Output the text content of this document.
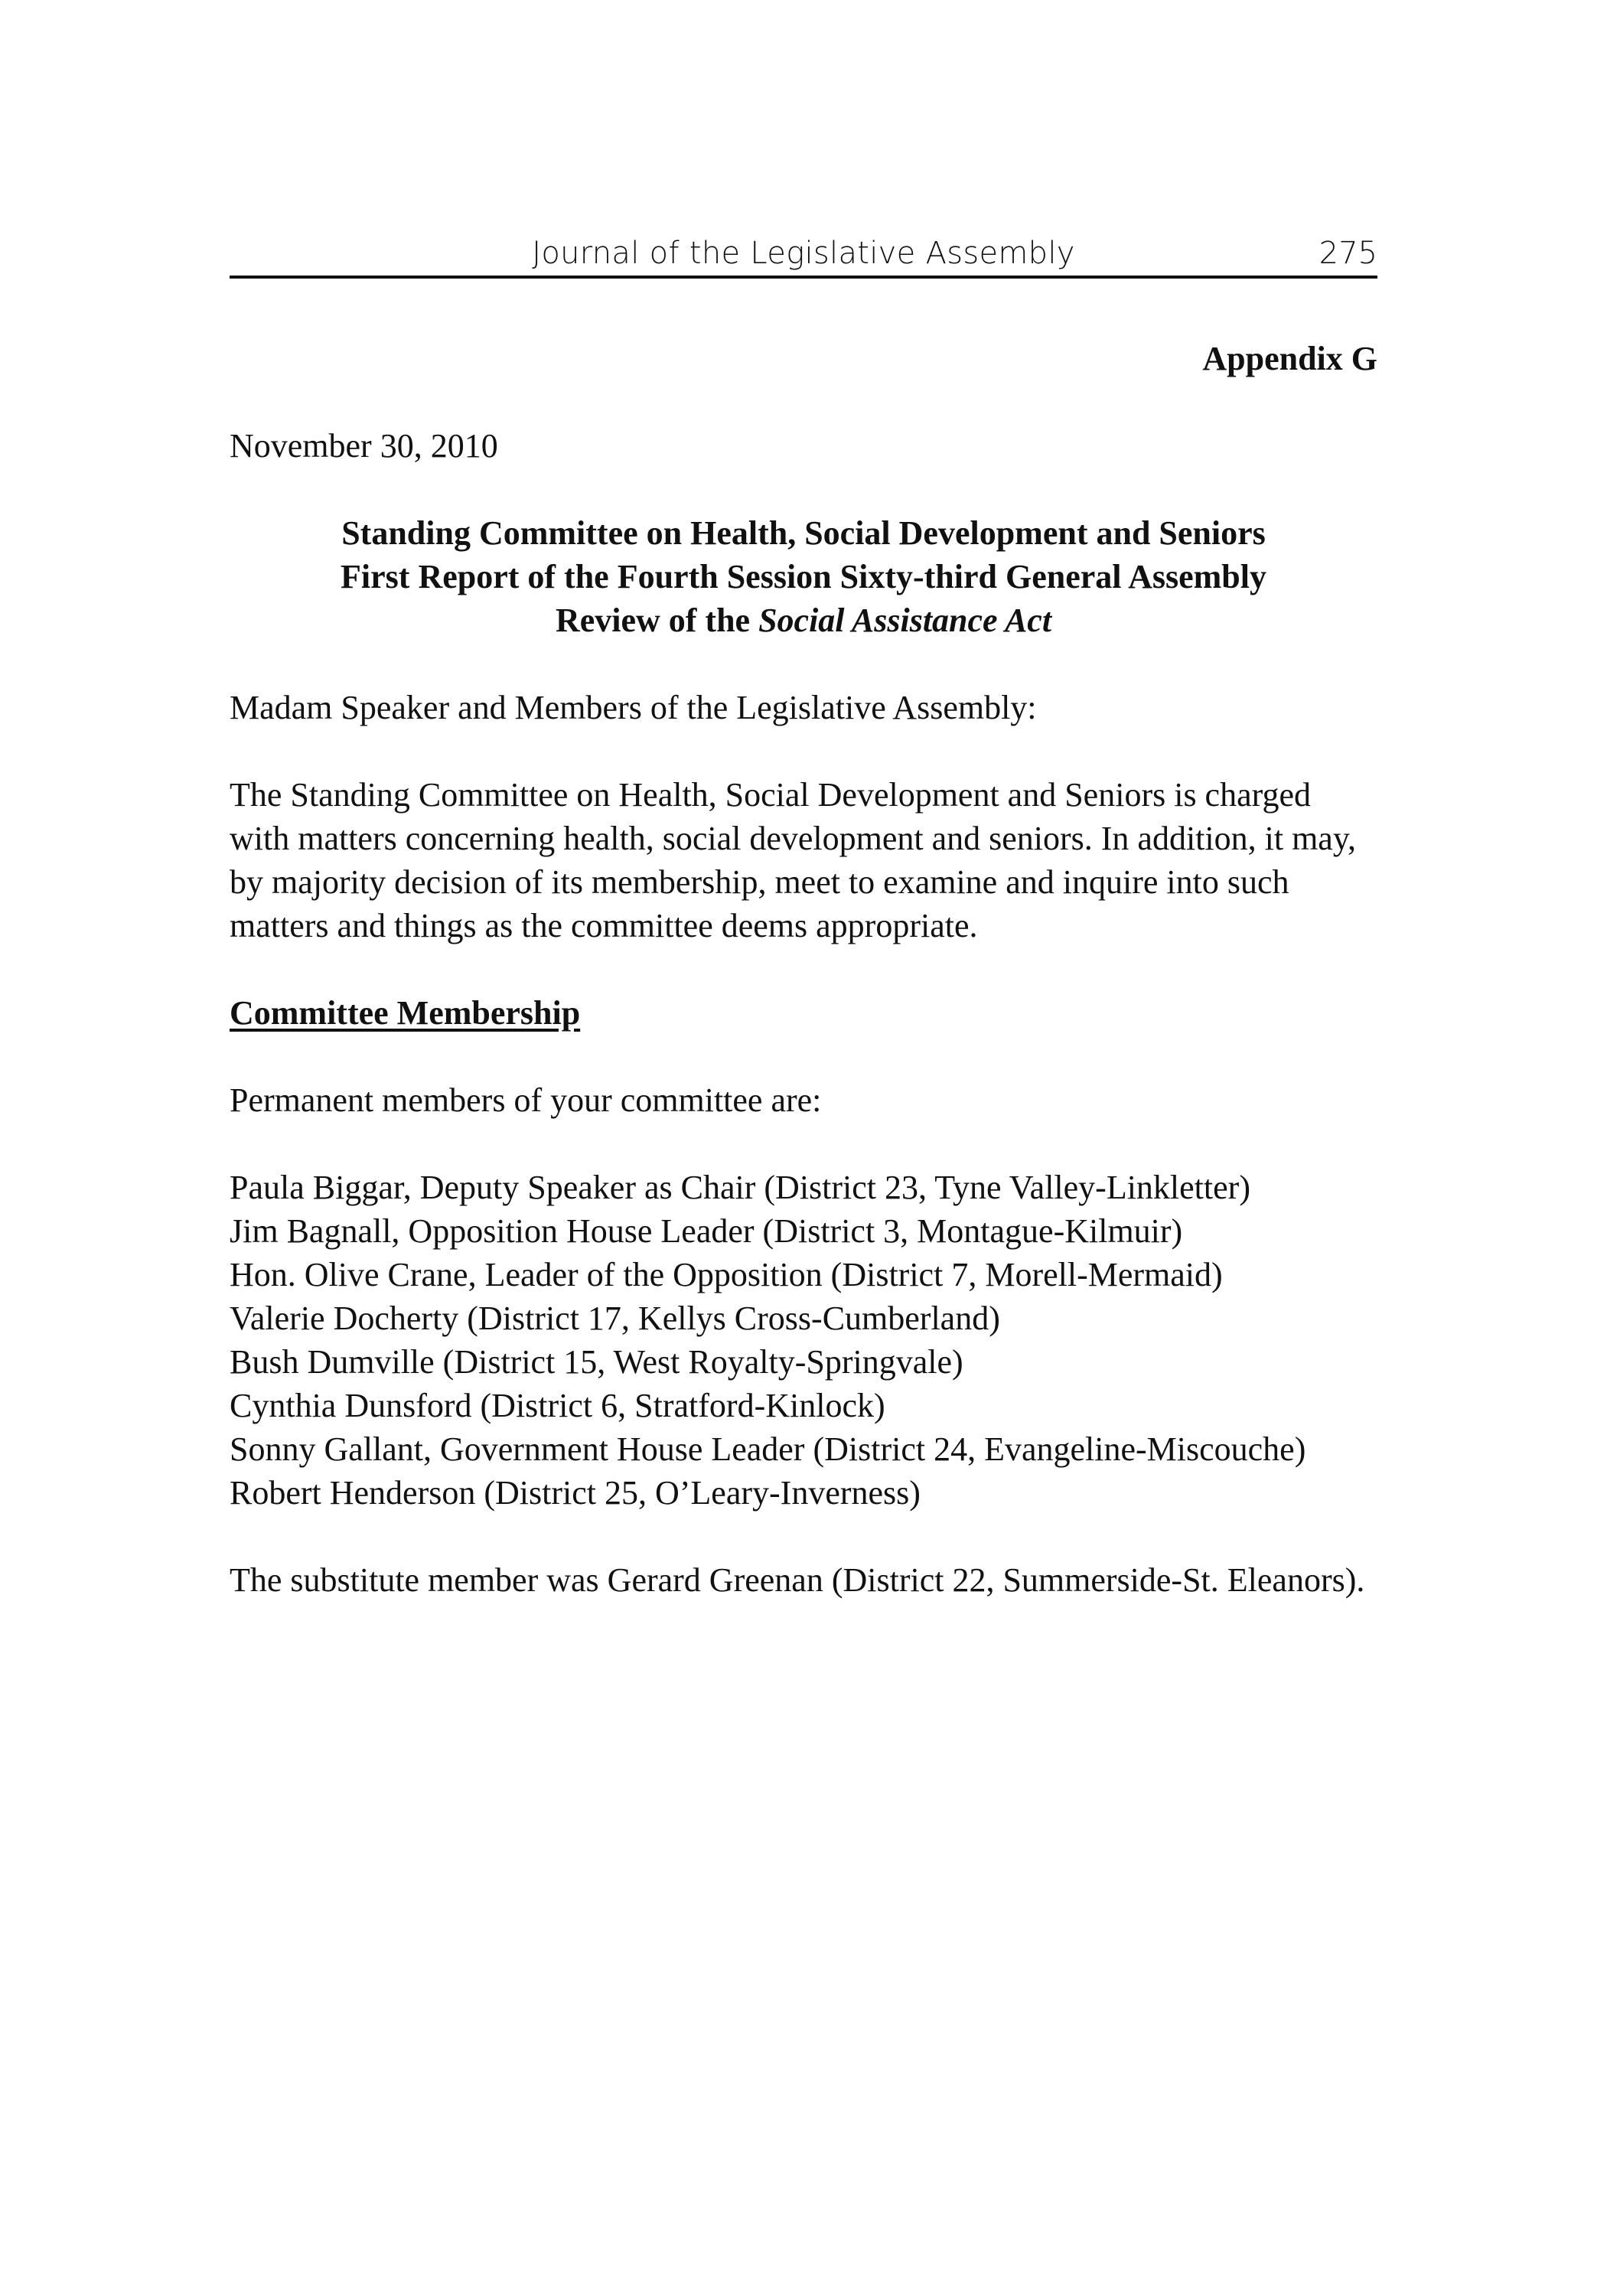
Journal of the Legislative Assembly	275

Appendix G

November 30, 2010

Standing Committee on Health, Social Development and Seniors
First Report of the Fourth Session Sixty-third General Assembly
Review of the Social Assistance Act

Madam Speaker and Members of the Legislative Assembly:

The Standing Committee on Health, Social Development and Seniors is charged with matters concerning health, social development and seniors. In addition, it may, by majority decision of its membership, meet to examine and inquire into such matters and things as the committee deems appropriate.

Committee Membership

Permanent members of your committee are:

Paula Biggar, Deputy Speaker as Chair (District 23, Tyne Valley-Linkletter)
Jim Bagnall, Opposition House Leader (District 3, Montague-Kilmuir)
Hon. Olive Crane, Leader of the Opposition (District 7, Morell-Mermaid)
Valerie Docherty (District 17, Kellys Cross-Cumberland)
Bush Dumville (District 15, West Royalty-Springvale)
Cynthia Dunsford (District 6, Stratford-Kinlock)
Sonny Gallant, Government House Leader (District 24, Evangeline-Miscouche)
Robert Henderson (District 25, O’Leary-Inverness)

The substitute member was Gerard Greenan (District 22, Summerside-St. Eleanors).
